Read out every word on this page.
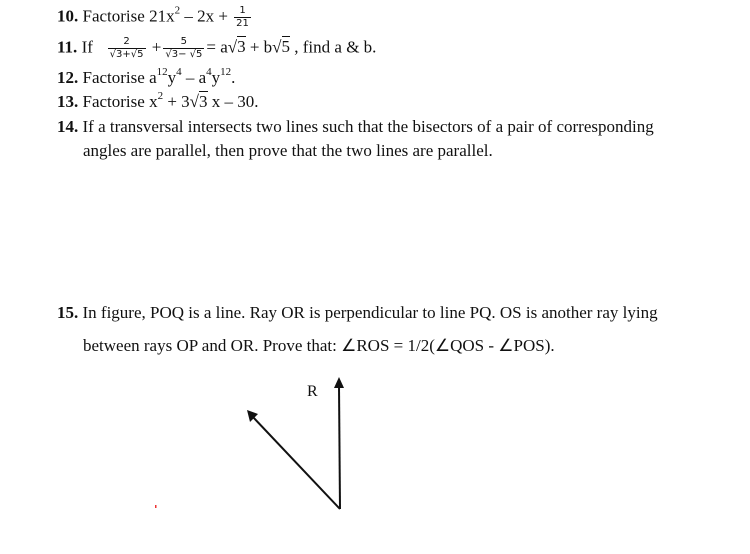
10. Factorise $21x^2 - 2x + \frac{1}{21}$
11. If $\frac{2}{√3+√5} + \frac{5}{√3- √5} = a√3 + b√5$ , find a & b.
12. Factorise $a^{12}y^4 - a^4y^{12}$.
13. Factorise $x^2 + 3√3$ x – 30.
14. If a transversal intersects two lines such that the bisectors of a pair of corresponding
angles are parallel, then prove that the two lines are parallel.
15. In figure, POQ is a line. Ray OR is perpendicular to line PQ. OS is another ray lying
between rays OP and OR. Prove that: ∠ROS = 1/2(∠QOS - ∠POS).
R
